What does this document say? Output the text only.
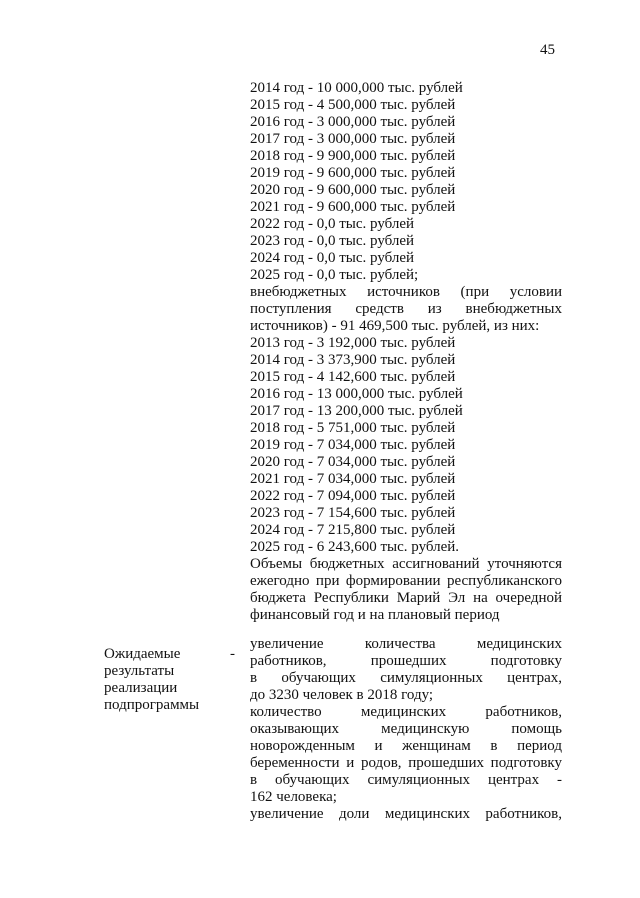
45
2014 год - 10 000,000 тыс. рублей
2015 год - 4 500,000 тыс. рублей
2016 год - 3 000,000 тыс. рублей
2017 год - 3 000,000 тыс. рублей
2018 год - 9 900,000 тыс. рублей
2019 год - 9 600,000 тыс. рублей
2020 год - 9 600,000 тыс. рублей
2021 год - 9 600,000 тыс. рублей
2022 год - 0,0 тыс. рублей
2023 год - 0,0 тыс. рублей
2024 год - 0,0 тыс. рублей
2025 год - 0,0 тыс. рублей;
внебюджетных источников (при условии
поступления средств из внебюджетных
источников) - 91 469,500 тыс. рублей, из них:
2013 год - 3 192,000 тыс. рублей
2014 год - 3 373,900 тыс. рублей
2015 год - 4 142,600 тыс. рублей
2016 год - 13 000,000 тыс. рублей
2017 год - 13 200,000 тыс. рублей
2018 год - 5 751,000 тыс. рублей
2019 год - 7 034,000 тыс. рублей
2020 год - 7 034,000 тыс. рублей
2021 год - 7 034,000 тыс. рублей
2022 год - 7 094,000 тыс. рублей
2023 год - 7 154,600 тыс. рублей
2024 год - 7 215,800 тыс. рублей
2025 год - 6 243,600 тыс. рублей.
Объемы бюджетных ассигнований уточняются
ежегодно при формировании республиканского
бюджета Республики Марий Эл на очередной
финансовый год и на плановый период
увеличение количества медицинских
работников, прошедших подготовку
в обучающих симуляционных центрах,
до 3230 человек в 2018 году;
количество медицинских работников,
оказывающих медицинскую помощь
новорожденным и женщинам в период
беременности и родов, прошедших подготовку
в обучающих симуляционных центрах -
162 человека;
увеличение доли медицинских работников,
Ожидаемые
результаты
реализации
подпрограммы
-
